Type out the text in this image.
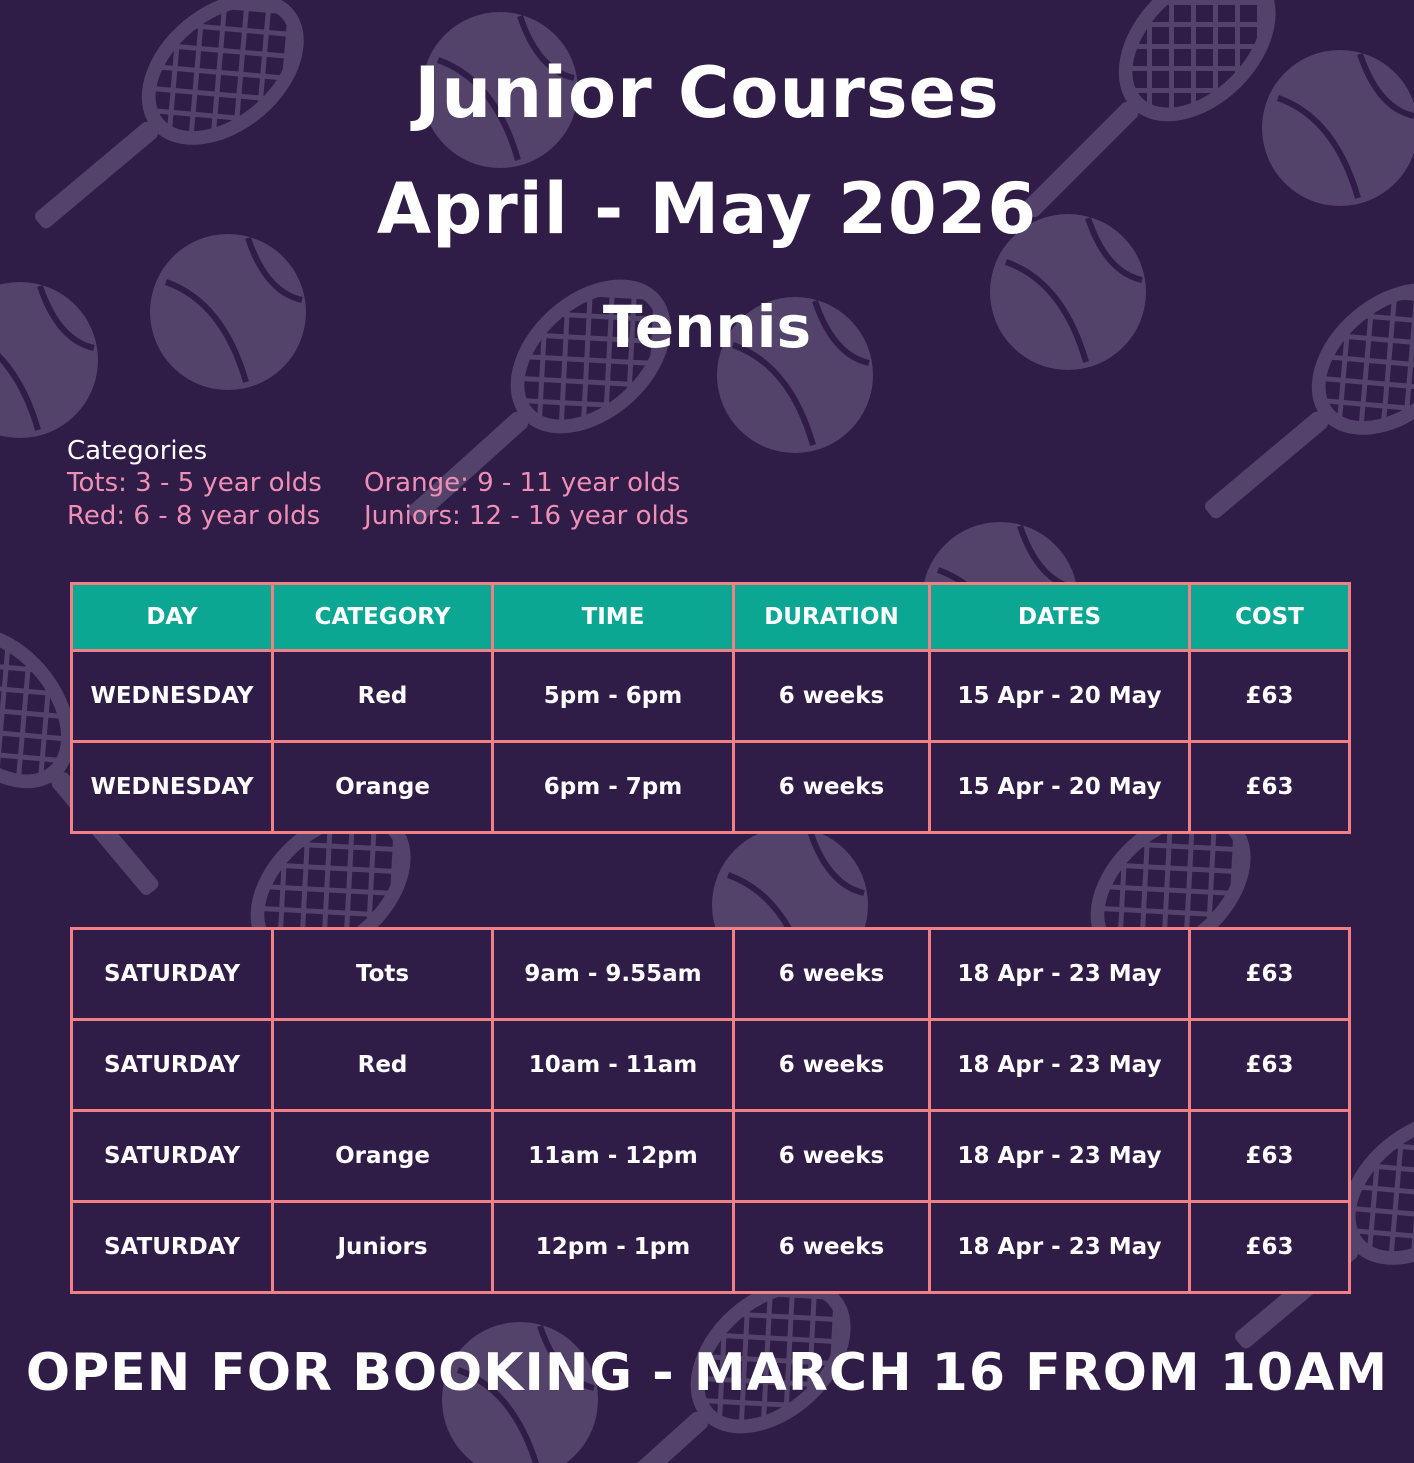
Junior Courses
April - May 2026
Tennis
Categories
Tots: 3 - 5 year olds Orange: 9 - 11 year olds
Red: 6 - 8 year olds Juniors: 12 - 16 year olds
DAY	CATEGORY	TIME	DURATION	DATES	COST
WEDNESDAY	Red	5pm - 6pm	6 weeks	15 Apr - 20 May	£63
WEDNESDAY	Orange	6pm - 7pm	6 weeks	15 Apr - 20 May	£63
SATURDAY	Tots	9am - 9.55am	6 weeks	18 Apr - 23 May	£63
SATURDAY	Red	10am - 11am	6 weeks	18 Apr - 23 May	£63
SATURDAY	Orange	11am - 12pm	6 weeks	18 Apr - 23 May	£63
SATURDAY	Juniors	12pm - 1pm	6 weeks	18 Apr - 23 May	£63
OPEN FOR BOOKING - MARCH 16 FROM 10AM
